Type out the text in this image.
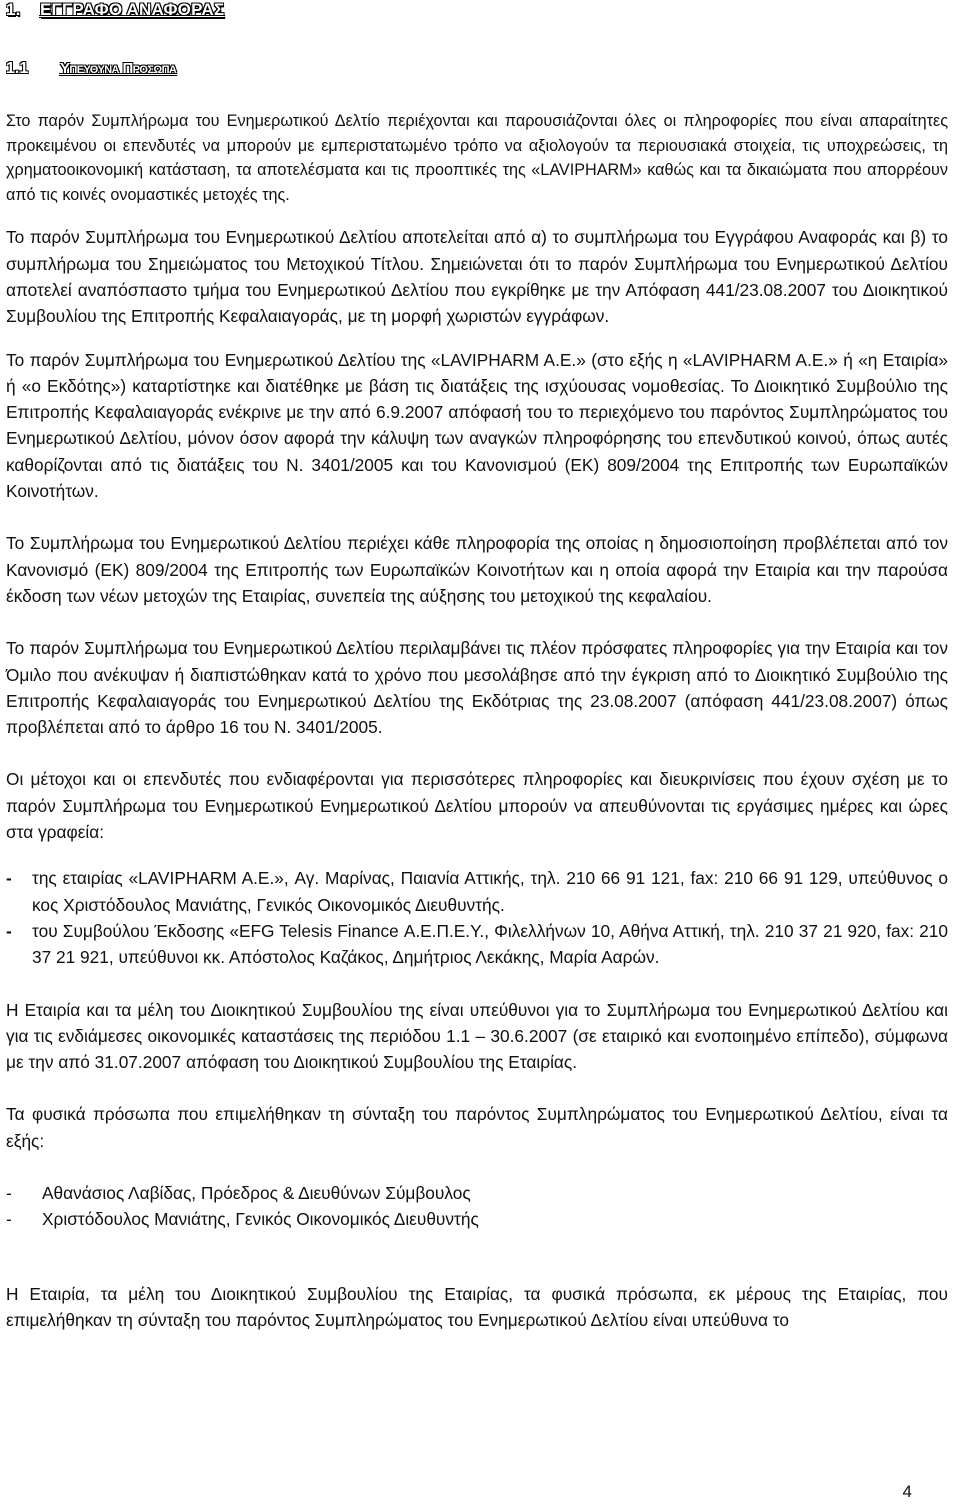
1. ΕΓΓΡΑΦΟ ΑΝΑΦΟΡΑΣ
1.1 Υπευθυνα Προσωπα

Στο παρόν Συμπλήρωμα του Ενημερωτικού Δελτίο περιέχονται και παρουσιάζονται όλες οι πληροφορίες που είναι απαραίτητες προκειμένου οι επενδυτές να μπορούν με εμπεριστατωμένο τρόπο να αξιολογούν τα περιουσιακά στοιχεία, τις υποχρεώσεις, τη χρηματοοικονομική κατάσταση, τα αποτελέσματα και τις προοπτικές της «LAVIPHARM» καθώς και τα δικαιώματα που απορρέουν από τις κοινές ονομαστικές μετοχές της.

Το παρόν Συμπλήρωμα του Ενημερωτικού Δελτίου αποτελείται από α) το συμπλήρωμα του Εγγράφου Αναφοράς και β) το συμπλήρωμα του Σημειώματος του Μετοχικού Τίτλου. Σημειώνεται ότι το παρόν Συμπλήρωμα του Ενημερωτικού Δελτίου αποτελεί αναπόσπαστο τμήμα του Ενημερωτικού Δελτίου που εγκρίθηκε με την Απόφαση 441/23.08.2007 του Διοικητικού Συμβουλίου της Επιτροπής Κεφαλαιαγοράς, με τη μορφή χωριστών εγγράφων.

Το παρόν Συμπλήρωμα του Ενημερωτικού Δελτίου της «LAVIPHARM A.E.» (στο εξής η «LAVIPHARM A.E.» ή «η Εταιρία» ή «ο Εκδότης») καταρτίστηκε και διατέθηκε με βάση τις διατάξεις της ισχύουσας νομοθεσίας. Το Διοικητικό Συμβούλιο της Επιτροπής Κεφαλαιαγοράς ενέκρινε με την από 6.9.2007 απόφασή του το περιεχόμενο του παρόντος Συμπληρώματος του Ενημερωτικού Δελτίου, μόνον όσον αφορά την κάλυψη των αναγκών πληροφόρησης του επενδυτικού κοινού, όπως αυτές καθορίζονται από τις διατάξεις του Ν. 3401/2005 και του Κανονισμού (ΕΚ) 809/2004 της Επιτροπής των Ευρωπαϊκών Κοινοτήτων.

Το Συμπλήρωμα του Ενημερωτικού Δελτίου περιέχει κάθε πληροφορία της οποίας η δημοσιοποίηση προβλέπεται από τον Κανονισμό (ΕΚ) 809/2004 της Επιτροπής των Ευρωπαϊκών Κοινοτήτων και η οποία αφορά την Εταιρία και την παρούσα έκδοση των νέων μετοχών της Εταιρίας, συνεπεία της αύξησης του μετοχικού της κεφαλαίου.

Το παρόν Συμπλήρωμα του Ενημερωτικού Δελτίου περιλαμβάνει τις πλέον πρόσφατες πληροφορίες για την Εταιρία και τον Όμιλο που ανέκυψαν ή διαπιστώθηκαν κατά το χρόνο που μεσολάβησε από την έγκριση από το Διοικητικό Συμβούλιο της Επιτροπής Κεφαλαιαγοράς του Ενημερωτικού Δελτίου της Εκδότριας της 23.08.2007 (απόφαση 441/23.08.2007) όπως προβλέπεται από το άρθρο 16 του Ν. 3401/2005.

Οι μέτοχοι και οι επενδυτές που ενδιαφέρονται για περισσότερες πληροφορίες και διευκρινίσεις που έχουν σχέση με το παρόν Συμπλήρωμα του Ενημερωτικού Ενημερωτικού Δελτίου μπορούν να απευθύνονται τις εργάσιμες ημέρες και ώρες στα γραφεία:

- της εταιρίας «LAVIPHARM A.E.», Αγ. Μαρίνας, Παιανία Αττικής, τηλ. 210 66 91 121, fax: 210 66 91 129, υπεύθυνος ο κος Χριστόδουλος Μανιάτης, Γενικός Οικονομικός Διευθυντής.
- του Συμβούλου Έκδοσης «EFG Telesis Finance Α.Ε.Π.Ε.Υ., Φιλελλήνων 10, Αθήνα Αττική, τηλ. 210 37 21 920, fax: 210 37 21 921, υπεύθυνοι κκ. Απόστολος Καζάκος, Δημήτριος Λεκάκης, Μαρία Ααρών.

Η Εταιρία και τα μέλη του Διοικητικού Συμβουλίου της είναι υπεύθυνοι για το Συμπλήρωμα του Ενημερωτικού Δελτίου και για τις ενδιάμεσες οικονομικές καταστάσεις της περιόδου 1.1 – 30.6.2007 (σε εταιρικό και ενοποιημένο επίπεδο), σύμφωνα με την από 31.07.2007 απόφαση του Διοικητικού Συμβουλίου της Εταιρίας.

Τα φυσικά πρόσωπα που επιμελήθηκαν τη σύνταξη του παρόντος Συμπληρώματος του Ενημερωτικού Δελτίου, είναι τα εξής:

- Αθανάσιος Λαβίδας, Πρόεδρος & Διευθύνων Σύμβουλος
- Χριστόδουλος Μανιάτης, Γενικός Οικονομικός Διευθυντής

Η Εταιρία, τα μέλη του Διοικητικού Συμβουλίου της Εταιρίας, τα φυσικά πρόσωπα, εκ μέρους της Εταιρίας, που επιμελήθηκαν τη σύνταξη του παρόντος Συμπληρώματος του Ενημερωτικού Δελτίου είναι υπεύθυνα το

4
